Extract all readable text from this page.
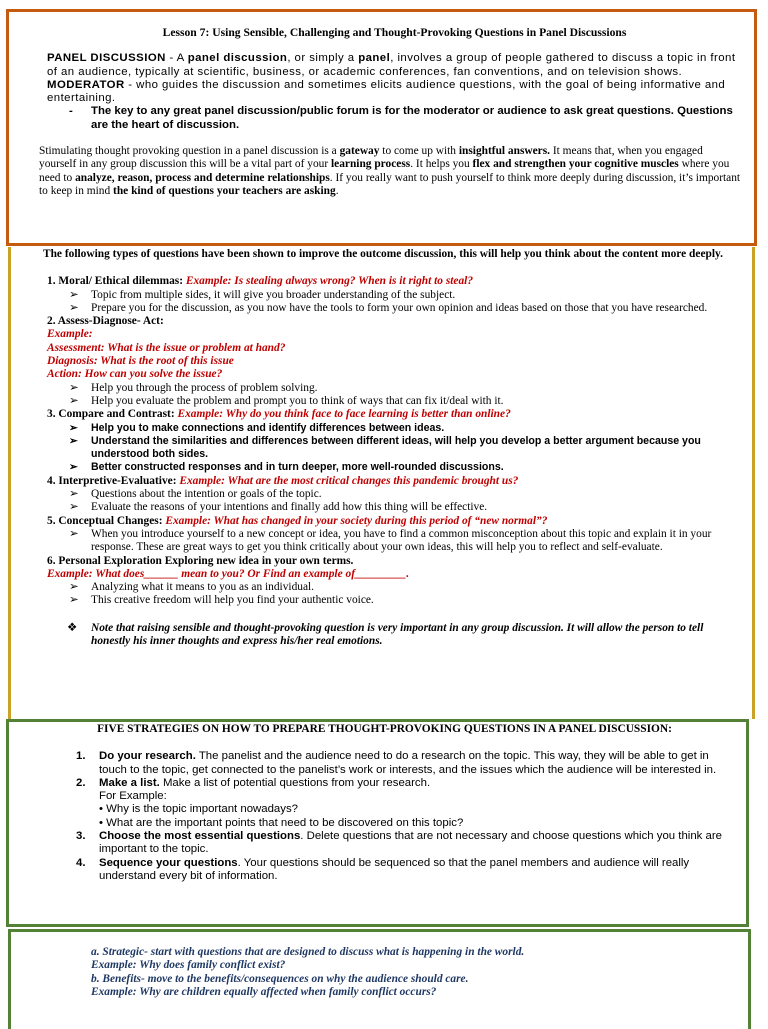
Lesson 7: Using Sensible, Challenging and Thought-Provoking Questions in Panel Discussions

PANEL DISCUSSION - A panel discussion, or simply a panel, involves a group of people gathered to discuss a topic in front of an audience, typically at scientific, business, or academic conferences, fan conventions, and on television shows.

MODERATOR - who guides the discussion and sometimes elicits audience questions, with the goal of being informative and entertaining.

- The key to any great panel discussion/public forum is for the moderator or audience to ask great questions. Questions are the heart of discussion.

Stimulating thought provoking question in a panel discussion is a gateway to come up with insightful answers. It means that, when you engaged yourself in any group discussion this will be a vital part of your learning process. It helps you flex and strengthen your cognitive muscles where you need to analyze, reason, process and determine relationships. If you really want to push yourself to think more deeply during discussion, it’s important to keep in mind the kind of questions your teachers are asking.

The following types of questions have been shown to improve the outcome discussion, this will help you think about the content more deeply.

1. Moral/ Ethical dilemmas: Example: Is stealing always wrong? When is it right to steal?

➢ Topic from multiple sides, it will give you broader understanding of the subject.
➢ Prepare you for the discussion, as you now have the tools to form your own opinion and ideas based on those that you have researched.

2. Assess-Diagnose- Act:

Example:

Assessment: What is the issue or problem at hand?

Diagnosis: What is the root of this issue

Action: How can you solve the issue?

➢ Help you through the process of problem solving.
➢ Help you evaluate the problem and prompt you to think of ways that can fix it/deal with it.

3. Compare and Contrast: Example: Why do you think face to face learning is better than online?

➢ Help you to make connections and identify differences between ideas.
➢ Understand the similarities and differences between different ideas, will help you develop a better argument because you understood both sides.
➢ Better constructed responses and in turn deeper, more well-rounded discussions.

4. Interpretive-Evaluative: Example: What are the most critical changes this pandemic brought us?

➢ Questions about the intention or goals of the topic.
➢ Evaluate the reasons of your intentions and finally add how this thing will be effective.

5. Conceptual Changes: Example: What has changed in your society during this period of “new normal”?

➢ When you introduce yourself to a new concept or idea, you have to find a common misconception about this topic and explain it in your response. These are great ways to get you think critically about your own ideas, this will help you to reflect and self-evaluate.

6. Personal Exploration Exploring new idea in your own terms.

Example: What does______ mean to you? Or Find an example of_________.

➢ Analyzing what it means to you as an individual.
➢ This creative freedom will help you find your authentic voice.
❖ Note that raising sensible and thought-provoking question is very important in any group discussion. It will allow the person to tell honestly his inner thoughts and express his/her real emotions.

FIVE STRATEGIES ON HOW TO PREPARE THOUGHT-PROVOKING QUESTIONS IN A PANEL DISCUSSION:

1. Do your research. The panelist and the audience need to do a research on the topic. This way, they will be able to get in touch to the topic, get connected to the panelist’s work or interests, and the issues which the audience will be interested in.
2. Make a list. Make a list of potential questions from your research.
For Example:
• Why is the topic important nowadays?
• What are the important points that need to be discovered on this topic?
3. Choose the most essential questions. Delete questions that are not necessary and choose questions which you think are important to the topic.
4. Sequence your questions. Your questions should be sequenced so that the panel members and audience will really understand every bit of information.

a. Strategic- start with questions that are designed to discuss what is happening in the world.

Example: Why does family conflict exist?

b. Benefits- move to the benefits/consequences on why the audience should care.

Example: Why are children equally affected when family conflict occurs?
